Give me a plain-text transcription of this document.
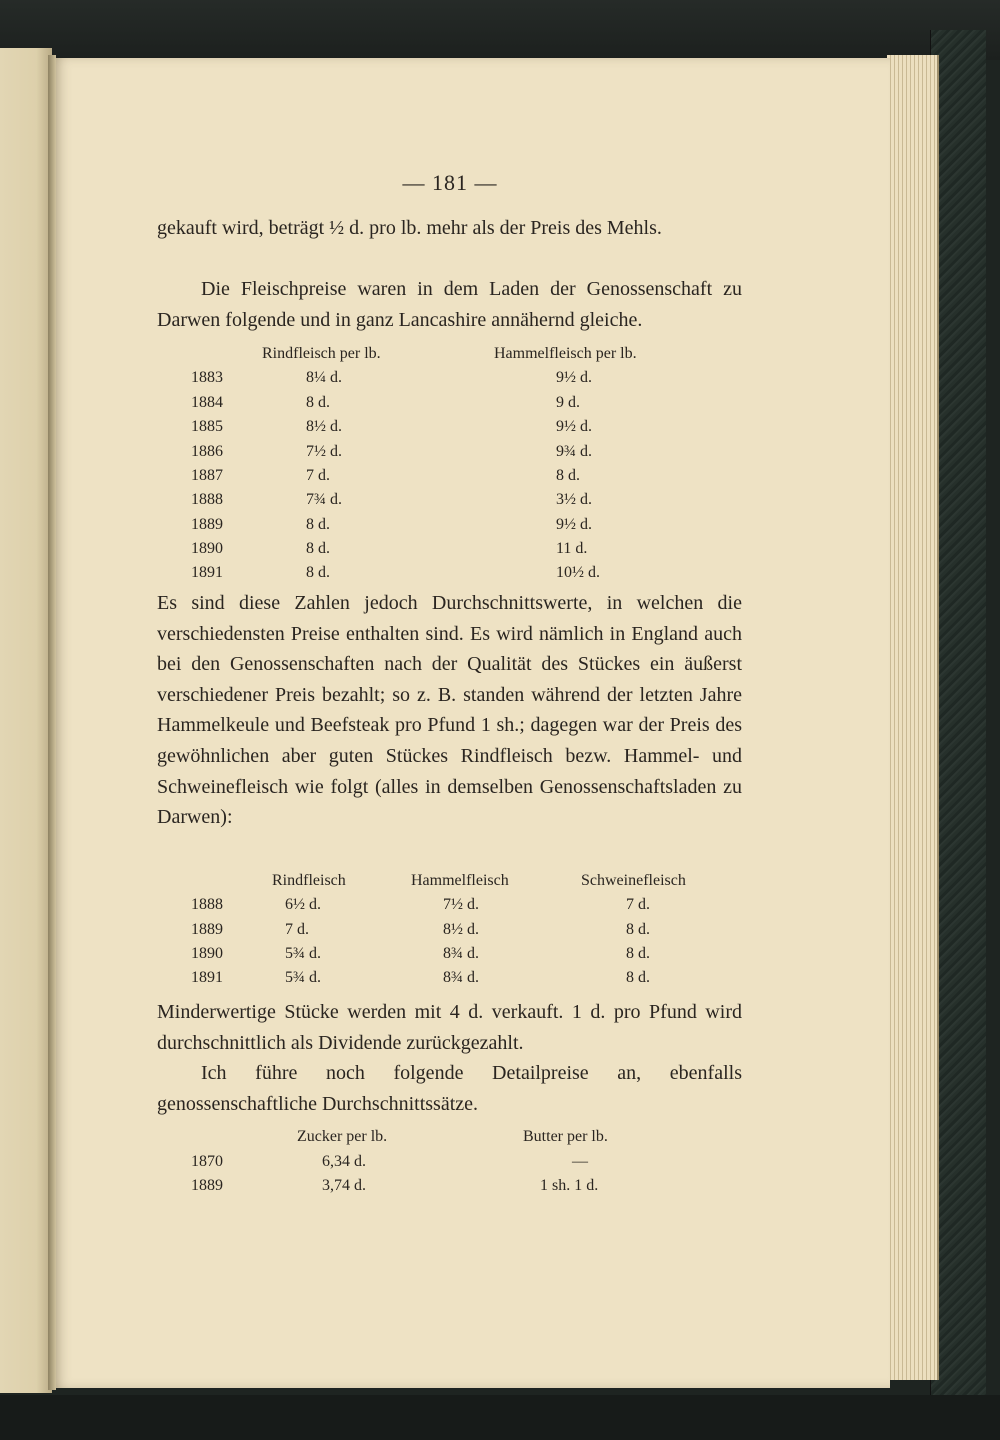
— 181 —
gekauft wird, beträgt ½ d. pro lb. mehr als der Preis des Mehls.
Die Fleischpreise waren in dem Laden der Genossenschaft zu Darwen folgende und in ganz Lancashire annähernd gleiche.
Rindfleisch per lb.	Hammelfleisch per lb.
1883	8¼ d.	9½ d.
1884	8 d.	9 d.
1885	8½ d.	9½ d.
1886	7½ d.	9¾ d.
1887	7 d.	8 d.
1888	7¾ d.	3½ d.
1889	8 d.	9½ d.
1890	8 d.	11 d.
1891	8 d.	10½ d.
Es sind diese Zahlen jedoch Durchschnittswerte, in welchen die verschiedensten Preise enthalten sind. Es wird nämlich in England auch bei den Genossenschaften nach der Qualität des Stückes ein äußerst verschiedener Preis bezahlt; so z. B. standen während der letzten Jahre Hammelkeule und Beefsteak pro Pfund 1 sh.; dagegen war der Preis des gewöhnlichen aber guten Stückes Rindfleisch bezw. Hammel- und Schweinefleisch wie folgt (alles in demselben Genossenschaftsladen zu Darwen):
Rindfleisch	Hammelfleisch	Schweinefleisch
1888	6½ d.	7½ d.	7 d.
1889	7 d.	8½ d.	8 d.
1890	5¾ d.	8¾ d.	8 d.
1891	5¾ d.	8¾ d.	8 d.
Minderwertige Stücke werden mit 4 d. verkauft. 1 d. pro Pfund wird durchschnittlich als Dividende zurückgezahlt.
Ich führe noch folgende Detailpreise an, ebenfalls genossenschaftliche Durchschnittssätze.
Zucker per lb.	Butter per lb.
1870	6,34 d.	—
1889	3,74 d.	1 sh. 1 d.
